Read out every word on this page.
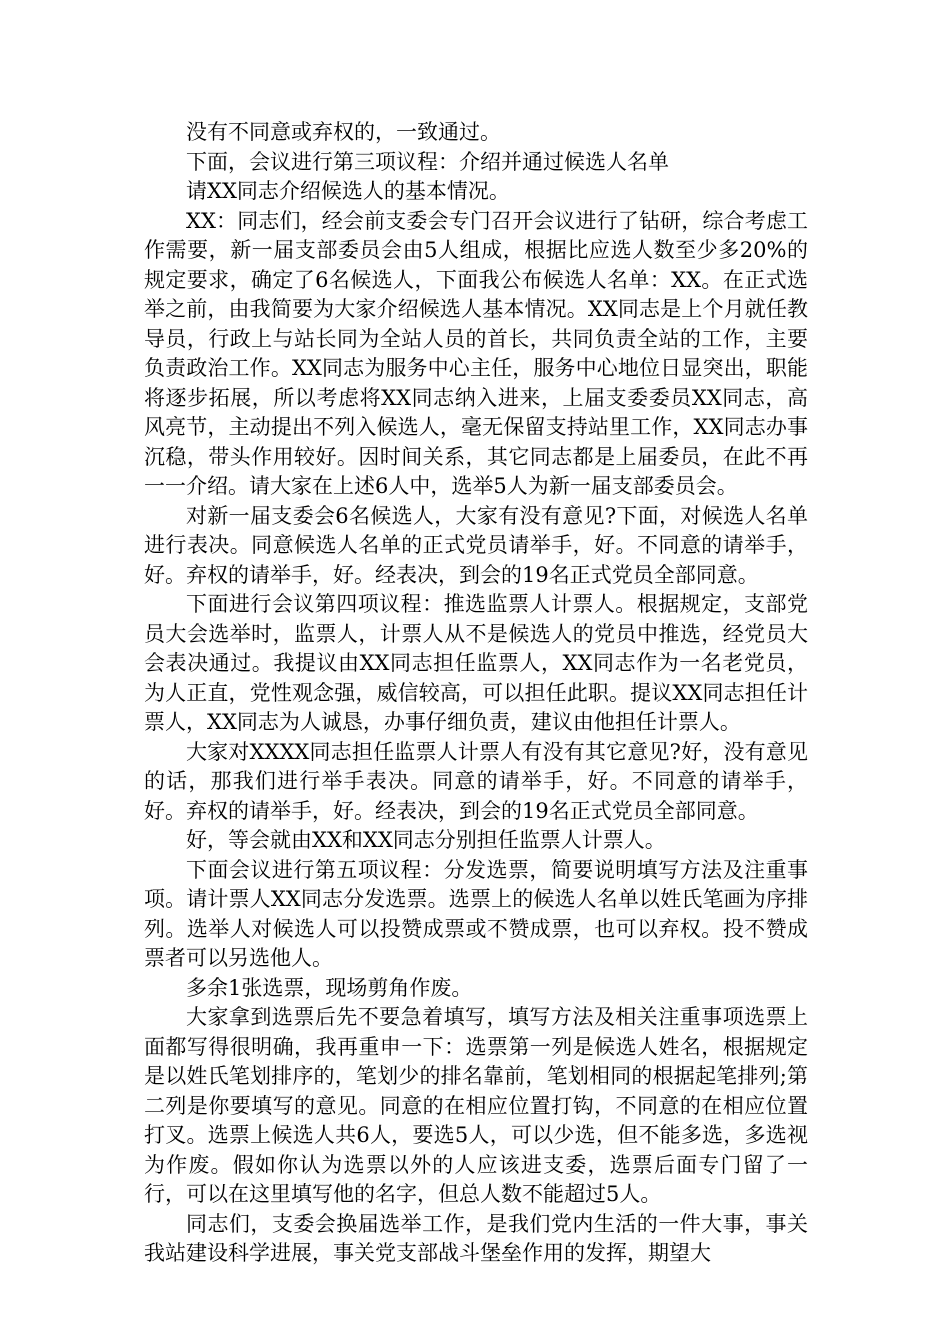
没有不同意或弃权的，一致通过。

下面，会议进行第三项议程：介绍并通过候选人名单

请XX同志介绍候选人的基本情况。

XX：同志们，经会前支委会专门召开会议进行了钻研，综合考虑工作需要，新一届支部委员会由5人组成，根据比应选人数至少多20%的规定要求，确定了6名候选人，下面我公布候选人名单：XX。在正式选举之前，由我简要为大家介绍候选人基本情况。XX同志是上个月就任教导员，行政上与站长同为全站人员的首长，共同负责全站的工作，主要负责政治工作。XX同志为服务中心主任，服务中心地位日显突出，职能将逐步拓展，所以考虑将XX同志纳入进来，上届支委委员XX同志，高风亮节，主动提出不列入候选人，毫无保留支持站里工作，XX同志办事沉稳，带头作用较好。因时间关系，其它同志都是上届委员，在此不再一一介绍。请大家在上述6人中，选举5人为新一届支部委员会。

对新一届支委会6名候选人，大家有没有意见?下面，对候选人名单进行表决。同意候选人名单的正式党员请举手，好。不同意的请举手，好。弃权的请举手，好。经表决，到会的19名正式党员全部同意。

下面进行会议第四项议程：推选监票人计票人。根据规定，支部党员大会选举时，监票人，计票人从不是候选人的党员中推选，经党员大会表决通过。我提议由XX同志担任监票人，XX同志作为一名老党员，为人正直，党性观念强，威信较高，可以担任此职。提议XX同志担任计票人，XX同志为人诚恳，办事仔细负责，建议由他担任计票人。

大家对XXXX同志担任监票人计票人有没有其它意见?好，没有意见的话，那我们进行举手表决。同意的请举手，好。不同意的请举手，好。弃权的请举手，好。经表决，到会的19名正式党员全部同意。

好，等会就由XX和XX同志分别担任监票人计票人。

下面会议进行第五项议程：分发选票，简要说明填写方法及注重事项。请计票人XX同志分发选票。选票上的候选人名单以姓氏笔画为序排列。选举人对候选人可以投赞成票或不赞成票，也可以弃权。投不赞成票者可以另选他人。

多余1张选票，现场剪角作废。

大家拿到选票后先不要急着填写，填写方法及相关注重事项选票上面都写得很明确，我再重申一下：选票第一列是候选人姓名，根据规定是以姓氏笔划排序的，笔划少的排名靠前，笔划相同的根据起笔排列;第二列是你要填写的意见。同意的在相应位置打钩，不同意的在相应位置打叉。选票上候选人共6人，要选5人，可以少选，但不能多选，多选视为作废。假如你认为选票以外的人应该进支委，选票后面专门留了一行，可以在这里填写他的名字，但总人数不能超过5人。

同志们，支委会换届选举工作，是我们党内生活的一件大事，事关我站建设科学进展，事关党支部战斗堡垒作用的发挥，期望大
